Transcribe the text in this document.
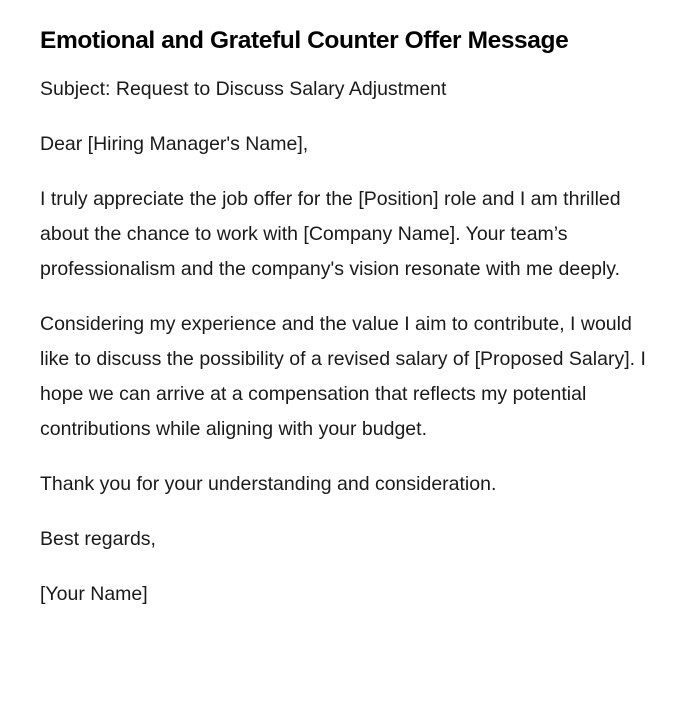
Emotional and Grateful Counter Offer Message

Subject: Request to Discuss Salary Adjustment

Dear [Hiring Manager's Name],

I truly appreciate the job offer for the [Position] role and I am thrilled about the chance to work with [Company Name]. Your team’s professionalism and the company's vision resonate with me deeply.

Considering my experience and the value I aim to contribute, I would like to discuss the possibility of a revised salary of [Proposed Salary]. I hope we can arrive at a compensation that reflects my potential contributions while aligning with your budget.

Thank you for your understanding and consideration.

Best regards,

[Your Name]
